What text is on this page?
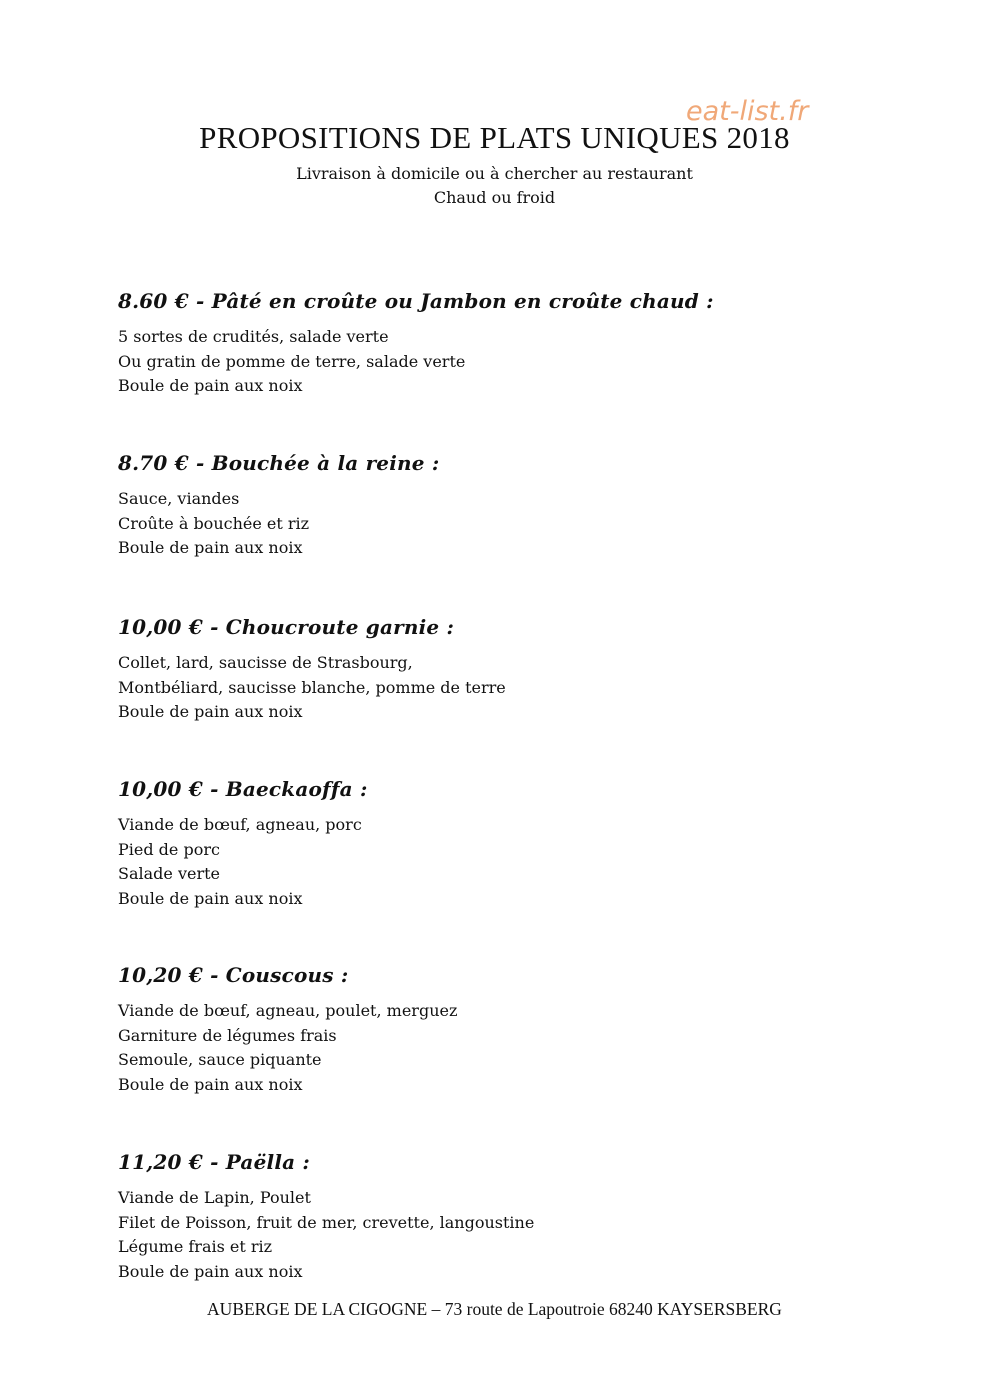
eat-list.fr
PROPOSITIONS DE PLATS UNIQUES 2018
Livraison à domicile ou à chercher au restaurant
Chaud ou froid
8.60 € - Pâté en croûte ou Jambon en croûte chaud :
5 sortes de crudités, salade verte
Ou gratin de pomme de terre, salade verte
Boule de pain aux noix
8.70 € - Bouchée à la reine :
Sauce, viandes
Croûte à bouchée et riz
Boule de pain aux noix
10,00 € - Choucroute garnie :
Collet, lard, saucisse de Strasbourg,
Montbéliard, saucisse blanche, pomme de terre
Boule de pain aux noix
10,00 € - Baeckaoffa :
Viande de bœuf, agneau, porc
Pied de porc
Salade verte
Boule de pain aux noix
10,20 € - Couscous :
Viande de bœuf, agneau, poulet, merguez
Garniture de légumes frais
Semoule, sauce piquante
Boule de pain aux noix
11,20 € - Paëlla :
Viande de Lapin, Poulet
Filet de Poisson, fruit de mer, crevette, langoustine
Légume frais et riz
Boule de pain aux noix
AUBERGE DE LA CIGOGNE – 73 route de Lapoutroie 68240 KAYSERSBERG
